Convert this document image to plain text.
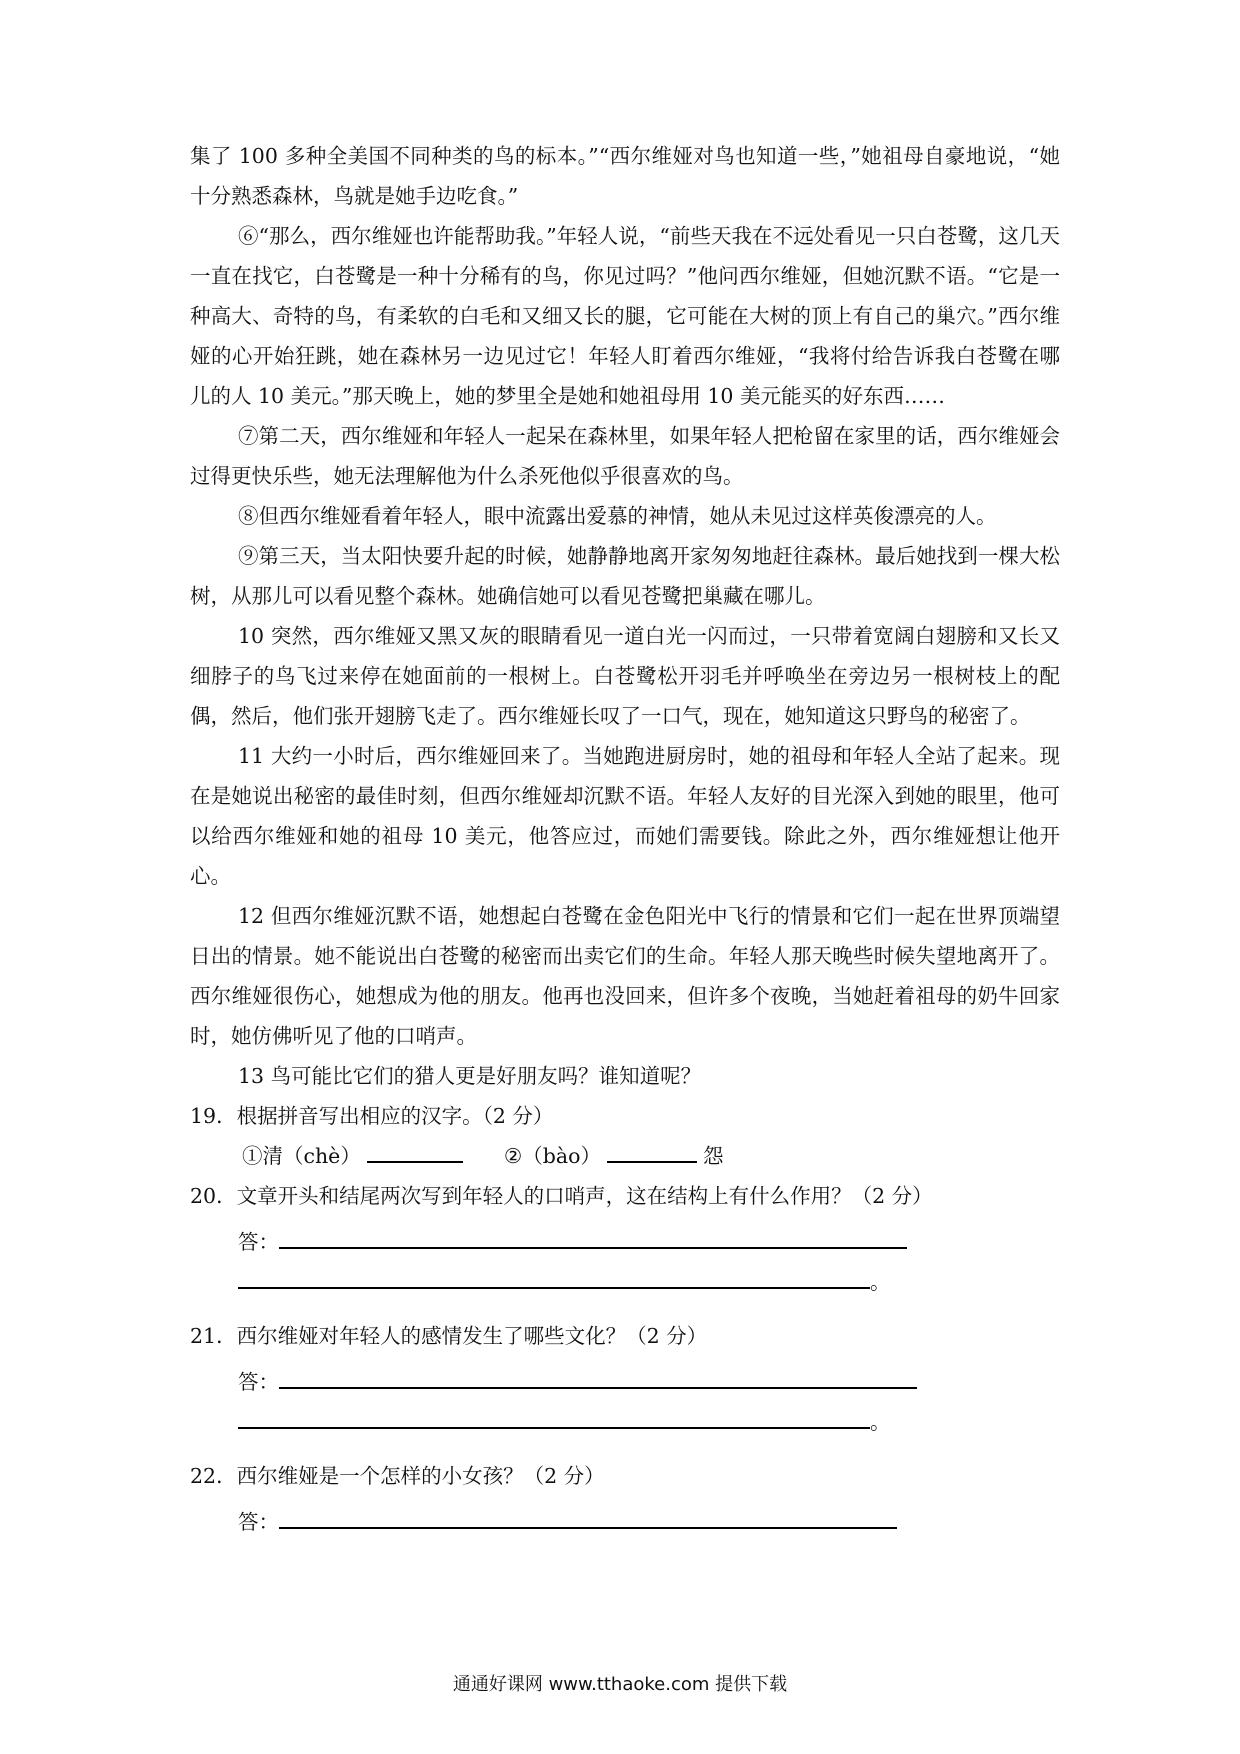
集了 100 多种全美国不同种类的鸟的标本。”“西尔维娅对鸟也知道一些，”她祖母自豪地说，“她十分熟悉森林，鸟就是她手边吃食。”

⑥“那么，西尔维娅也许能帮助我。”年轻人说，“前些天我在不远处看见一只白苍鹭，这几天一直在找它，白苍鹭是一种十分稀有的鸟，你见过吗？”他问西尔维娅，但她沉默不语。“它是一种高大、奇特的鸟，有柔软的白毛和又细又长的腿，它可能在大树的顶上有自己的巢穴。”西尔维娅的心开始狂跳，她在森林另一边见过它！年轻人盯着西尔维娅，“我将付给告诉我白苍鹭在哪儿的人 10 美元。”那天晚上，她的梦里全是她和她祖母用 10 美元能买的好东西……

⑦第二天，西尔维娅和年轻人一起呆在森林里，如果年轻人把枪留在家里的话，西尔维娅会过得更快乐些，她无法理解他为什么杀死他似乎很喜欢的鸟。

⑧但西尔维娅看着年轻人，眼中流露出爱慕的神情，她从未见过这样英俊漂亮的人。

⑨第三天，当太阳快要升起的时候，她静静地离开家匆匆地赶往森林。最后她找到一棵大松树，从那儿可以看见整个森林。她确信她可以看见苍鹭把巢藏在哪儿。

10 突然，西尔维娅又黑又灰的眼睛看见一道白光一闪而过，一只带着宽阔白翅膀和又长又细脖子的鸟飞过来停在她面前的一根树上。白苍鹭松开羽毛并呼唤坐在旁边另一根树枝上的配偶，然后，他们张开翅膀飞走了。西尔维娅长叹了一口气，现在，她知道这只野鸟的秘密了。

11 大约一小时后，西尔维娅回来了。当她跑进厨房时，她的祖母和年轻人全站了起来。现在是她说出秘密的最佳时刻，但西尔维娅却沉默不语。年轻人友好的目光深入到她的眼里，他可以给西尔维娅和她的祖母 10 美元，他答应过，而她们需要钱。除此之外，西尔维娅想让他开心。

12 但西尔维娅沉默不语，她想起白苍鹭在金色阳光中飞行的情景和它们一起在世界顶端望日出的情景。她不能说出白苍鹭的秘密而出卖它们的生命。年轻人那天晚些时候失望地离开了。西尔维娅很伤心，她想成为他的朋友。他再也没回来，但许多个夜晚，当她赶着祖母的奶牛回家时，她仿佛听见了他的口哨声。

13 鸟可能比它们的猎人更是好朋友吗？谁知道呢？

19．根据拼音写出相应的汉字。（2 分）

①清（chè）	②（bào）	怨

20．文章开头和结尾两次写到年轻人的口哨声，这在结构上有什么作用？（2 分）

答：

。

21．西尔维娅对年轻人的感情发生了哪些文化？（2 分）

答：

。

22．西尔维娅是一个怎样的小女孩？（2 分）

答：

通通好课网 www.tthaoke.com 提供下载
